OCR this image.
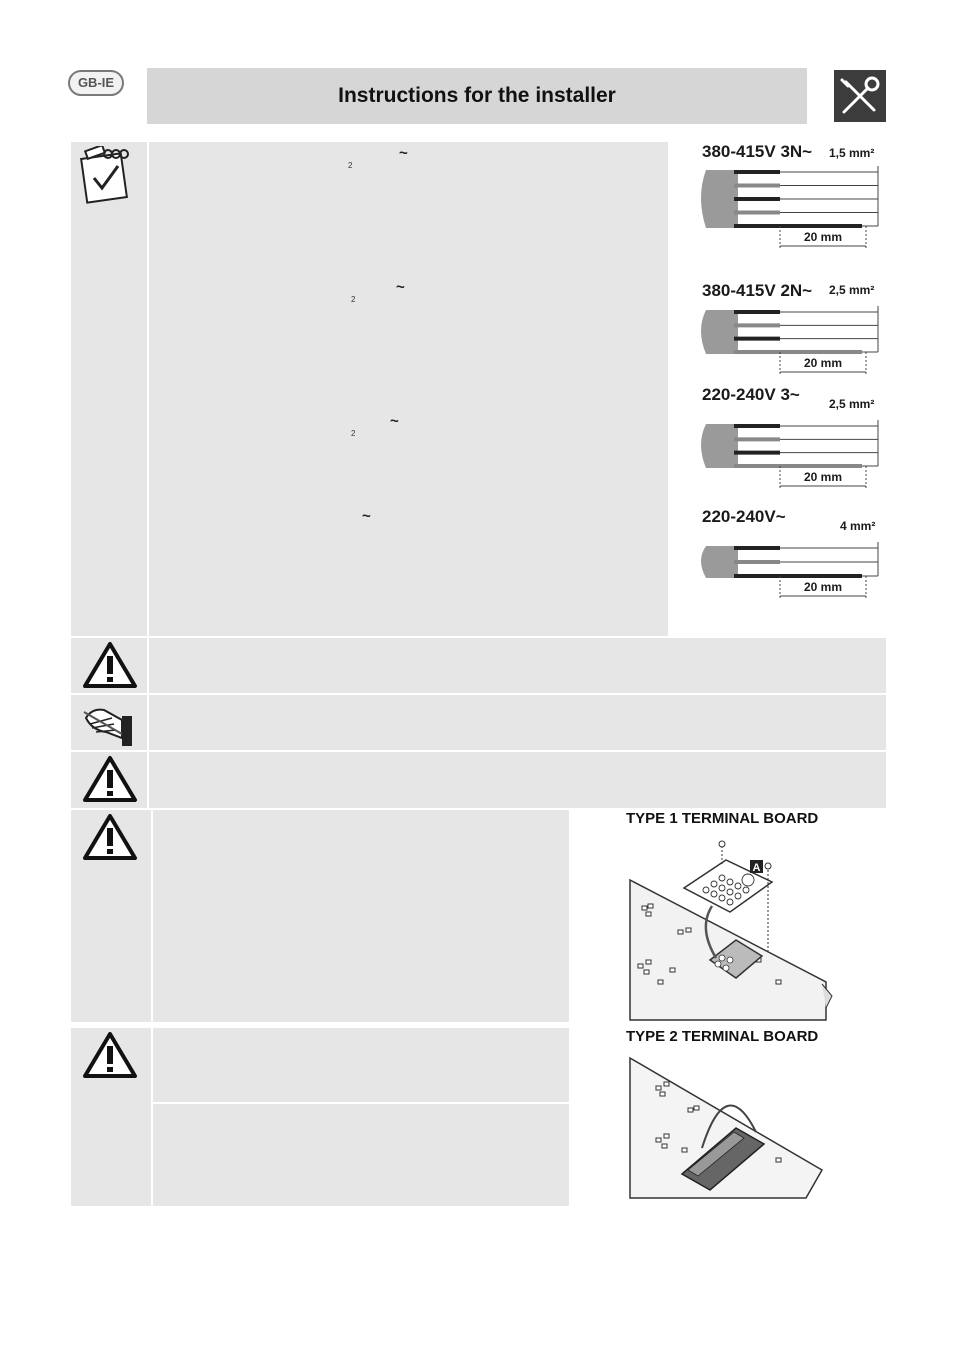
GB-IE
Instructions for the installer
~
2
~
2
~
2
~
380-415V 3N~ 1,5 mm²
20 mm
380-415V 2N~ 2,5 mm²
20 mm
220-240V 3~ 2,5 mm²
20 mm
220-240V~	4 mm²
20 mm
TYPE 1 TERMINAL BOARD
A
TYPE 2 TERMINAL BOARD
